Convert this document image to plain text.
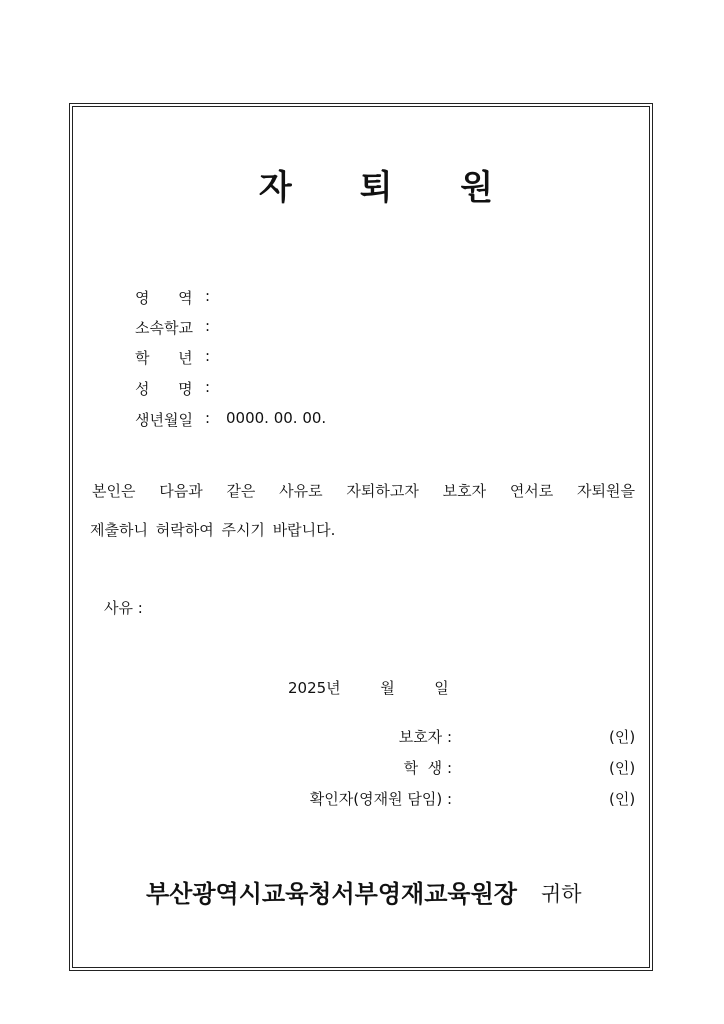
자 퇴 원
영      역 :
소속학교 :
학      년 :
성      명 :
생년월일 : 0000. 00. 00.
본인은 다음과 같은 사유로 자퇴하고자 보호자 연서로 자퇴원을
제출하니 허락하여 주시기 바랍니다.
사유 :
2025년	월	일
보호자 :	(인)
학  생 :	(인)
확인자(영재원 담임) :	(인)
부산광역시교육청서부영재교육원장 귀하
